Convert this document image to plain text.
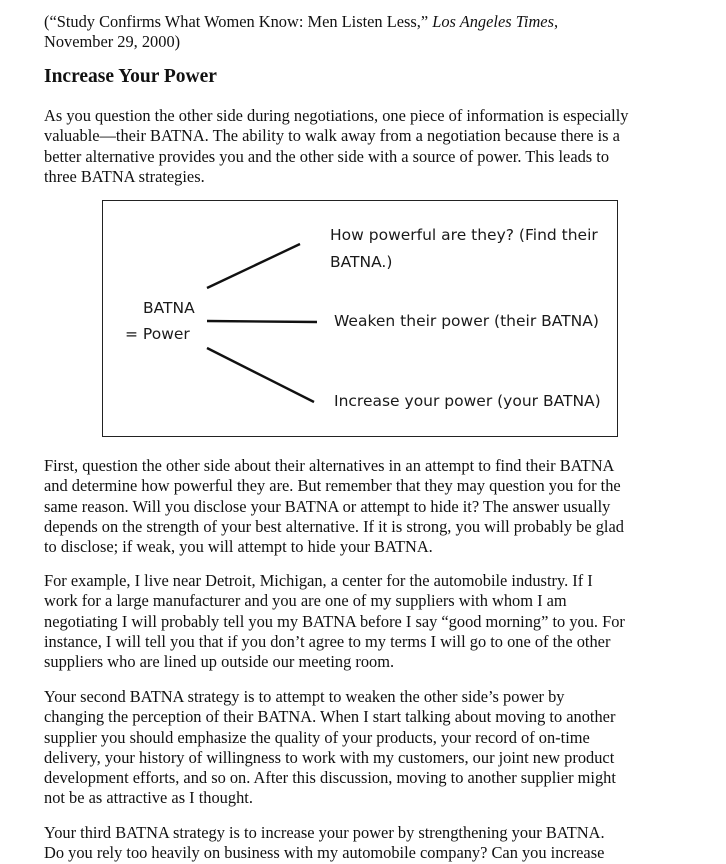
(“Study Confirms What Women Know: Men Listen Less,” Los Angeles Times,
November 29, 2000)

Increase Your Power

As you question the other side during negotiations, one piece of information is especially
valuable—their BATNA. The ability to walk away from a negotiation because there is a
better alternative provides you and the other side with a source of power. This leads to
three BATNA strategies.

BATNA
= Power
How powerful are they? (Find their
BATNA.)
Weaken their power (their BATNA)
Increase your power (your BATNA)

First, question the other side about their alternatives in an attempt to find their BATNA
and determine how powerful they are. But remember that they may question you for the
same reason. Will you disclose your BATNA or attempt to hide it? The answer usually
depends on the strength of your best alternative. If it is strong, you will probably be glad
to disclose; if weak, you will attempt to hide your BATNA.

For example, I live near Detroit, Michigan, a center for the automobile industry. If I
work for a large manufacturer and you are one of my suppliers with whom I am
negotiating I will probably tell you my BATNA before I say “good morning” to you. For
instance, I will tell you that if you don’t agree to my terms I will go to one of the other
suppliers who are lined up outside our meeting room.

Your second BATNA strategy is to attempt to weaken the other side’s power by
changing the perception of their BATNA. When I start talking about moving to another
supplier you should emphasize the quality of your products, your record of on-time
delivery, your history of willingness to work with my customers, our joint new product
development efforts, and so on. After this discussion, moving to another supplier might
not be as attractive as I thought.

Your third BATNA strategy is to increase your power by strengthening your BATNA.
Do you rely too heavily on business with my automobile company? Can you increase
